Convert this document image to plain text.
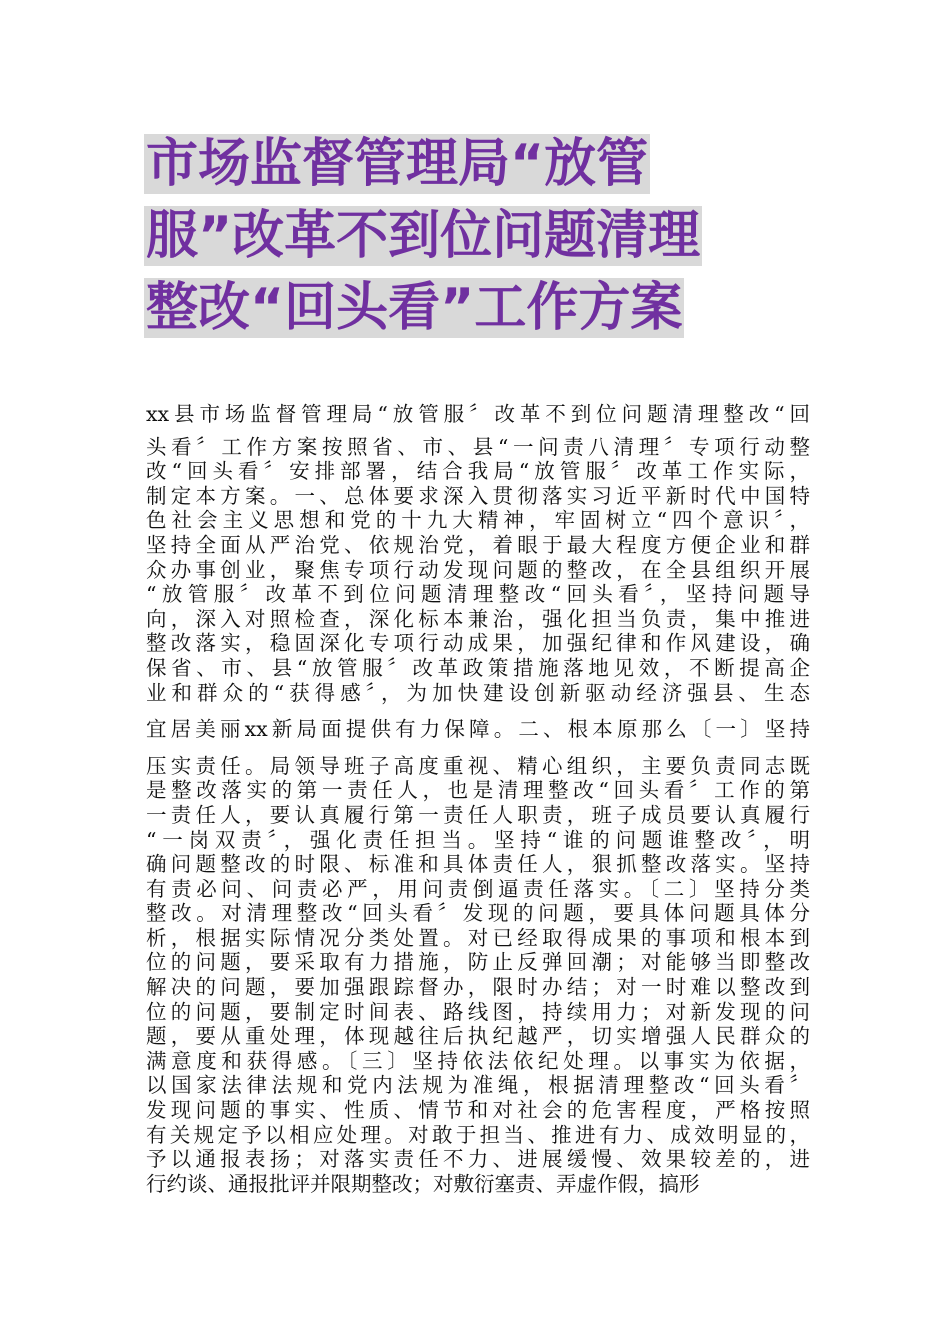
市场监督管理局“放管
服”改革不到位问题清理
整改“回头看”工作方案
xx县市场监督管理局“放管服〞改革不到位问题清理整改“回
头看〞工作方案按照省、市、县“一问责八清理〞专项行动整
改“回头看〞安排部署，结合我局“放管服〞改革工作实际，
制定本方案。一、总体要求深入贯彻落实习近平新时代中国特
色社会主义思想和党的十九大精神，牢固树立“四个意识〞，
坚持全面从严治党、依规治党，着眼于最大程度方便企业和群
众办事创业，聚焦专项行动发现问题的整改，在全县组织开展
“放管服〞改革不到位问题清理整改“回头看〞，坚持问题导
向，深入对照检查，深化标本兼治，强化担当负责，集中推进
整改落实，稳固深化专项行动成果，加强纪律和作风建设，确
保省、市、县“放管服〞改革政策措施落地见效，不断提高企
业和群众的“获得感〞，为加快建设创新驱动经济强县、生态
宜居美丽xx新局面提供有力保障。二、根本原那么〔一〕坚持
压实责任。局领导班子高度重视、精心组织，主要负责同志既
是整改落实的第一责任人，也是清理整改“回头看〞工作的第
一责任人，要认真履行第一责任人职责，班子成员要认真履行
“一岗双责〞，强化责任担当。坚持“谁的问题谁整改〞，明
确问题整改的时限、标准和具体责任人，狠抓整改落实。坚持
有责必问、问责必严，用问责倒逼责任落实。〔二〕坚持分类
整改。对清理整改“回头看〞发现的问题，要具体问题具体分
析，根据实际情况分类处置。对已经取得成果的事项和根本到
位的问题，要采取有力措施，防止反弹回潮；对能够当即整改
解决的问题，要加强跟踪督办，限时办结；对一时难以整改到
位的问题，要制定时间表、路线图，持续用力；对新发现的问
题，要从重处理，体现越往后执纪越严，切实增强人民群众的
满意度和获得感。〔三〕坚持依法依纪处理。以事实为依据，
以国家法律法规和党内法规为准绳，根据清理整改“回头看〞
发现问题的事实、性质、情节和对社会的危害程度，严格按照
有关规定予以相应处理。对敢于担当、推进有力、成效明显的，
予以通报表扬；对落实责任不力、进展缓慢、效果较差的，进
行约谈、通报批评并限期整改；对敷衍塞责、弄虚作假，搞形
